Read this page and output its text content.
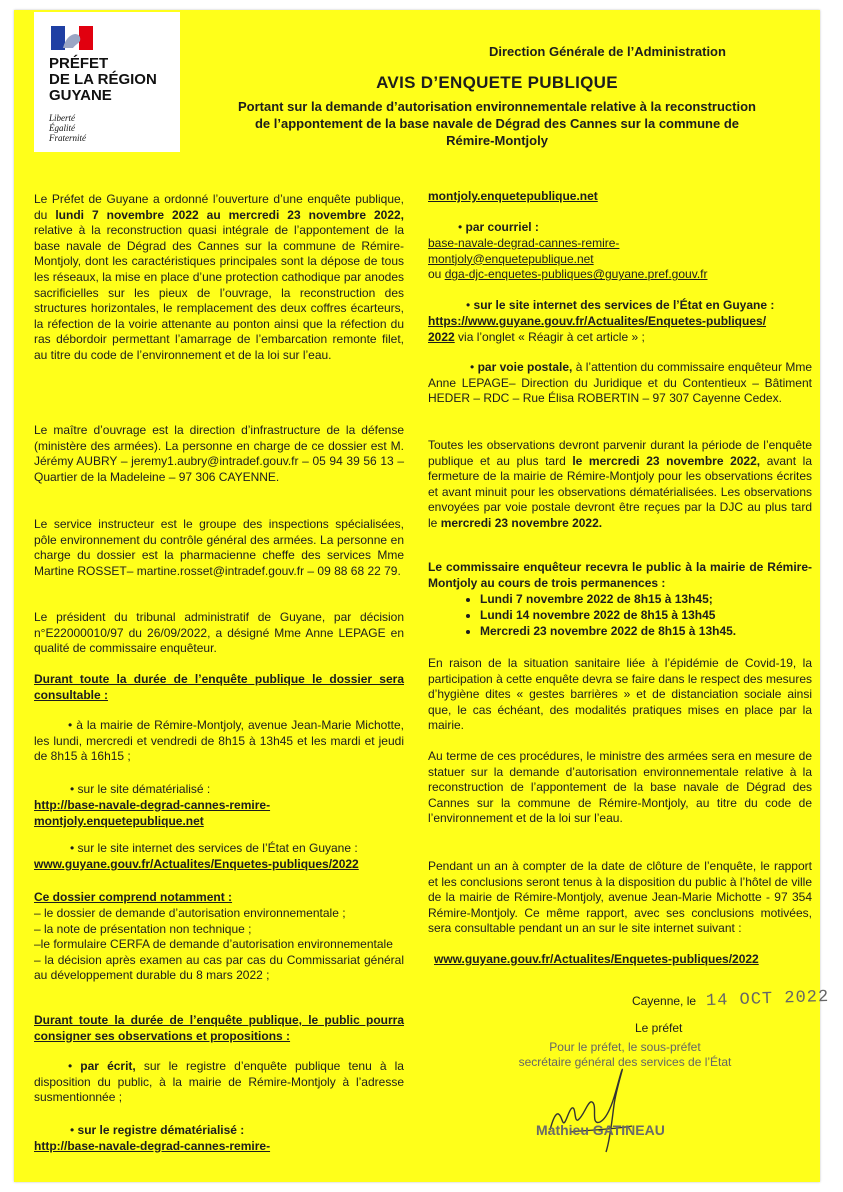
PRÉFET
DE LA RÉGION
GUYANE
Liberté
Égalité
Fraternité
Direction Générale de l’Administration
AVIS D’ENQUETE PUBLIQUE
Portant sur la demande d’autorisation environnementale relative à la reconstruction
de l’appontement de la base navale de Dégrad des Cannes sur la commune de
Rémire-Montjoly

Le Préfet de Guyane a ordonné l’ouverture d’une enquête publique, du lundi 7 novembre 2022 au mercredi 23 novembre 2022, relative à la reconstruction quasi intégrale de l’appontement de la base navale de Dégrad des Cannes sur la commune de Rémire-Montjoly, dont les caractéristiques principales sont la dépose de tous les réseaux, la mise en place d’une protection cathodique par anodes sacrificielles sur les pieux de l’ouvrage, la reconstruction des structures horizontales, le remplacement des deux coffres écarteurs, la réfection de la voirie attenante au ponton ainsi que la réfection du ras débordoir permettant l’amarrage de l’embarcation remonte filet, au titre du code de l’environnement et de la loi sur l’eau.

Le maître d’ouvrage est la direction d’infrastructure de la défense (ministère des armées). La personne en charge de ce dossier est M. Jérémy AUBRY – jeremy1.aubry@intradef.gouv.fr – 05 94 39 56 13 – Quartier de la Madeleine – 97 306 CAYENNE.

Le service instructeur est le groupe des inspections spécialisées, pôle environnement du contrôle général des armées. La personne en charge du dossier est la pharmacienne cheffe des services Mme Martine ROSSET– martine.rosset@intradef.gouv.fr – 09 88 68 22 79.

Le président du tribunal administratif de Guyane, par décision n°E22000010/97 du 26/09/2022, a désigné Mme Anne LEPAGE en qualité de commissaire enquêteur.

Durant toute la durée de l’enquête publique le dossier sera consultable :

• à la mairie de Rémire-Montjoly, avenue Jean-Marie Michotte, les lundi, mercredi et vendredi de 8h15 à 13h45 et les mardi et jeudi de 8h15 à 16h15 ;

• sur le site dématérialisé :

http://base-navale-degrad-cannes-remire-
montjoly.enquetepublique.net

• sur le site internet des services de l’État en Guyane :

www.guyane.gouv.fr/Actualites/Enquetes-publiques/2022

Ce dossier comprend notamment :

– le dossier de demande d’autorisation environnementale ;
– la note de présentation non technique ;
–le formulaire CERFA de demande d’autorisation environnementale
– la décision après examen au cas par cas du Commissariat général au développement durable du 8 mars 2022 ;

Durant toute la durée de l’enquête publique, le public pourra consigner ses observations et propositions :

• par écrit, sur le registre d’enquête publique tenu à la disposition du public, à la mairie de Rémire-Montjoly à l’adresse susmentionnée ;

• sur le registre dématérialisé :

http://base-navale-degrad-cannes-remire-

montjoly.enquetepublique.net

• par courriel :

base-navale-degrad-cannes-remire-
montjoly@enquetepublique.net
ou dga-djc-enquetes-publiques@guyane.pref.gouv.fr

• sur le site internet des services de l’État en Guyane :

https://www.guyane.gouv.fr/Actualites/Enquetes-publiques/
2022 via l’onglet « Réagir à cet article » ;

• par voie postale, à l’attention du commissaire enquêteur Mme Anne LEPAGE– Direction du Juridique et du Contentieux – Bâtiment HEDER – RDC – Rue Élisa ROBERTIN – 97 307 Cayenne Cedex.

Toutes les observations devront parvenir durant la période de l’enquête publique et au plus tard le mercredi 23 novembre 2022, avant la fermeture de la mairie de Rémire-Montjoly pour les observations écrites et avant minuit pour les observations dématérialisées. Les observations envoyées par voie postale devront être reçues par la DJC au plus tard le mercredi 23 novembre 2022.

Le commissaire enquêteur recevra le public à la mairie de Rémire-Montjoly au cours de trois permanences :

• Lundi 7 novembre 2022 de 8h15 à 13h45;
• Lundi 14 novembre 2022 de 8h15 à 13h45
• Mercredi 23 novembre 2022 de 8h15 à 13h45.

En raison de la situation sanitaire liée à l’épidémie de Covid-19, la participation à cette enquête devra se faire dans le respect des mesures d’hygiène dites « gestes barrières » et de distanciation sociale ainsi que, le cas échéant, des modalités pratiques mises en place par la mairie.

Au terme de ces procédures, le ministre des armées sera en mesure de statuer sur la demande d’autorisation environnementale relative à la reconstruction de l’appontement de la base navale de Dégrad des Cannes sur la commune de Rémire-Montjoly, au titre du code de l’environnement et de la loi sur l’eau.

Pendant un an à compter de la date de clôture de l’enquête, le rapport et les conclusions seront tenus à la disposition du public à l’hôtel de ville de la mairie de Rémire-Montjoly, avenue Jean-Marie Michotte - 97 354 Rémire-Montjoly. Ce même rapport, avec ses conclusions motivées, sera consultable pendant un an sur le site internet suivant :

www.guyane.gouv.fr/Actualites/Enquetes-publiques/2022

Cayenne, le 14 OCT 2022
Le préfet
Pour le préfet, le sous-préfet
secrétaire général des services de l’État
Mathieu GATINEAU
